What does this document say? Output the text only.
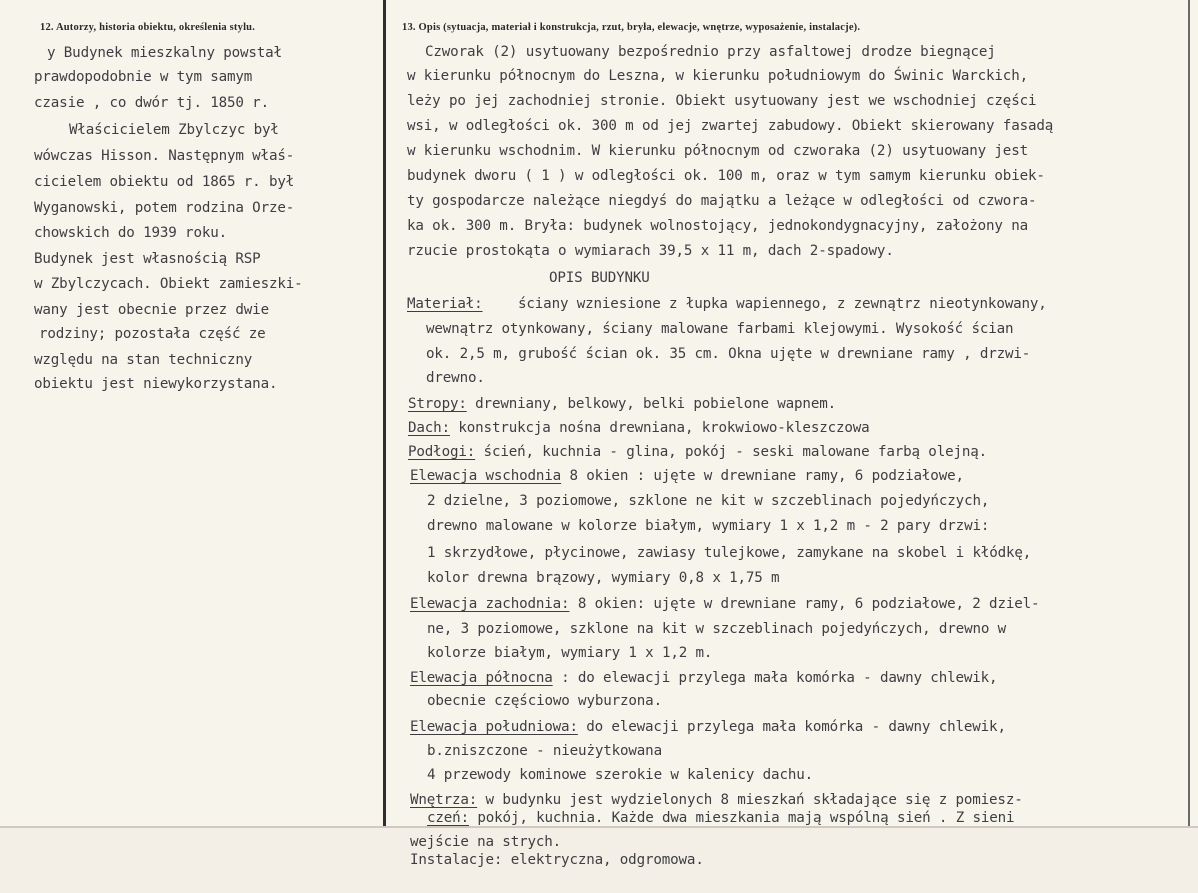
12. Autorzy, historia obiektu, określenia stylu.
y Budynek mieszkalny powstał
prawdopodobnie w tym samym
czasie , co dwór tj. 1850 r.
Właścicielem Zbylczyc był
wówczas Hisson. Następnym właś-
cicielem obiektu od 1865 r. był
Wyganowski, potem rodzina Orze-
chowskich do 1939 roku.
Budynek jest własnością RSP
w Zbylczycach. Obiekt zamieszki-
wany jest obecnie przez dwie
rodziny; pozostała część ze
względu na stan techniczny
obiektu jest niewykorzystana.
13. Opis (sytuacja, materiał i konstrukcja, rzut, bryła, elewacje, wnętrze, wyposażenie, instalacje).
Czworak (2) usytuowany bezpośrednio przy asfaltowej drodze biegnącej
w kierunku północnym do Leszna, w kierunku południowym do Świnic Warckich,
leży po jej zachodniej stronie. Obiekt usytuowany jest we wschodniej części
wsi, w odległości ok. 300 m od jej zwartej zabudowy. Obiekt skierowany fasadą
w kierunku wschodnim. W kierunku północnym od czworaka (2) usytuowany jest
budynek dworu ( 1 ) w odległości ok. 100 m, oraz w tym samym kierunku obiek-
ty gospodarcze należące niegdyś do majątku a leżące w odległości od czwora-
ka ok. 300 m. Bryła: budynek wolnostojący, jednokondygnacyjny, założony na
rzucie prostokąta o wymiarach 39,5 x 11 m, dach 2-spadowy.
OPIS BUDYNKU
Materiał: ściany wzniesione z łupka wapiennego, z zewnątrz nieotynkowany,
wewnątrz otynkowany, ściany malowane farbami klejowymi. Wysokość ścian
ok. 2,5 m, grubość ścian ok. 35 cm. Okna ujęte w drewniane ramy , drzwi-
drewno.
Stropy: drewniany, belkowy, belki pobielone wapnem.
Dach: konstrukcja nośna drewniana, krokwiowo-kleszczowa
Podłogi: ścień, kuchnia - glina, pokój - seski malowane farbą olejną.
Elewacja wschodnia 8 okien : ujęte w drewniane ramy, 6 podziałowe,
2 dzielne, 3 poziomowe, szklone ne kit w szczeblinach pojedyńczych,
drewno malowane w kolorze białym, wymiary 1 x 1,2 m - 2 pary drzwi:
1 skrzydłowe, płycinowe, zawiasy tulejkowe, zamykane na skobel i kłódkę,
kolor drewna brązowy, wymiary 0,8 x 1,75 m
Elewacja zachodnia: 8 okien: ujęte w drewniane ramy, 6 podziałowe, 2 dziel-
ne, 3 poziomowe, szklone na kit w szczeblinach pojedyńczych, drewno w
kolorze białym, wymiary 1 x 1,2 m.
Elewacja północna : do elewacji przylega mała komórka - dawny chlewik,
obecnie częściowo wyburzona.
Elewacja południowa: do elewacji przylega mała komórka - dawny chlewik,
b.zniszczone - nieużytkowana
4 przewody kominowe szerokie w kalenicy dachu.
Wnętrza: w budynku jest wydzielonych 8 mieszkań składające się z pomiesz-
czeń: pokój, kuchnia. Każde dwa mieszkania mają wspólną sień . Z sieni
wejście na strych.
Instalacje: elektryczna, odgromowa.
